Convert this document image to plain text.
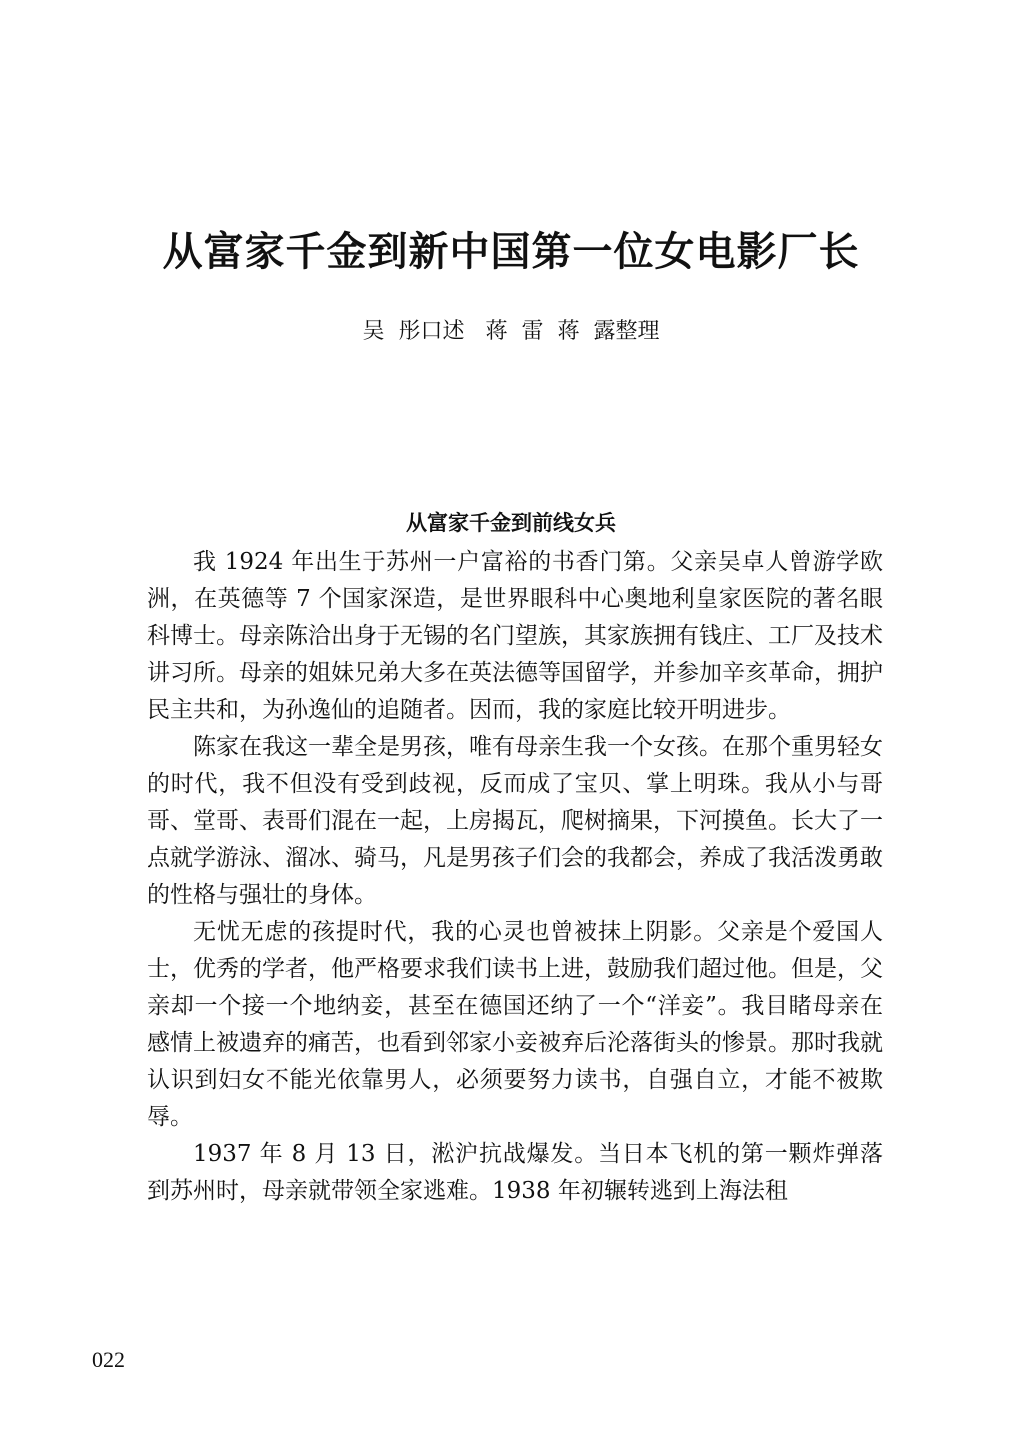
从富家千金到新中国第一位女电影厂长
吴  彤口述   蒋  雷  蒋  露整理
从富家千金到前线女兵

我 1924 年出生于苏州一户富裕的书香门第。父亲吴卓人曾游学欧洲，在英德等 7 个国家深造，是世界眼科中心奥地利皇家医院的著名眼科博士。母亲陈洽出身于无锡的名门望族，其家族拥有钱庄、工厂及技术讲习所。母亲的姐妹兄弟大多在英法德等国留学，并参加辛亥革命，拥护民主共和，为孙逸仙的追随者。因而，我的家庭比较开明进步。

陈家在我这一辈全是男孩，唯有母亲生我一个女孩。在那个重男轻女的时代，我不但没有受到歧视，反而成了宝贝、掌上明珠。我从小与哥哥、堂哥、表哥们混在一起，上房揭瓦，爬树摘果，下河摸鱼。长大了一点就学游泳、溜冰、骑马，凡是男孩子们会的我都会，养成了我活泼勇敢的性格与强壮的身体。

无忧无虑的孩提时代，我的心灵也曾被抹上阴影。父亲是个爱国人士，优秀的学者，他严格要求我们读书上进，鼓励我们超过他。但是，父亲却一个接一个地纳妾，甚至在德国还纳了一个“洋妾”。我目睹母亲在感情上被遗弃的痛苦，也看到邻家小妾被弃后沦落街头的惨景。那时我就认识到妇女不能光依靠男人，必须要努力读书，自强自立，才能不被欺辱。

1937 年 8 月 13 日，淞沪抗战爆发。当日本飞机的第一颗炸弹落到苏州时，母亲就带领全家逃难。1938 年初辗转逃到上海法租

022
